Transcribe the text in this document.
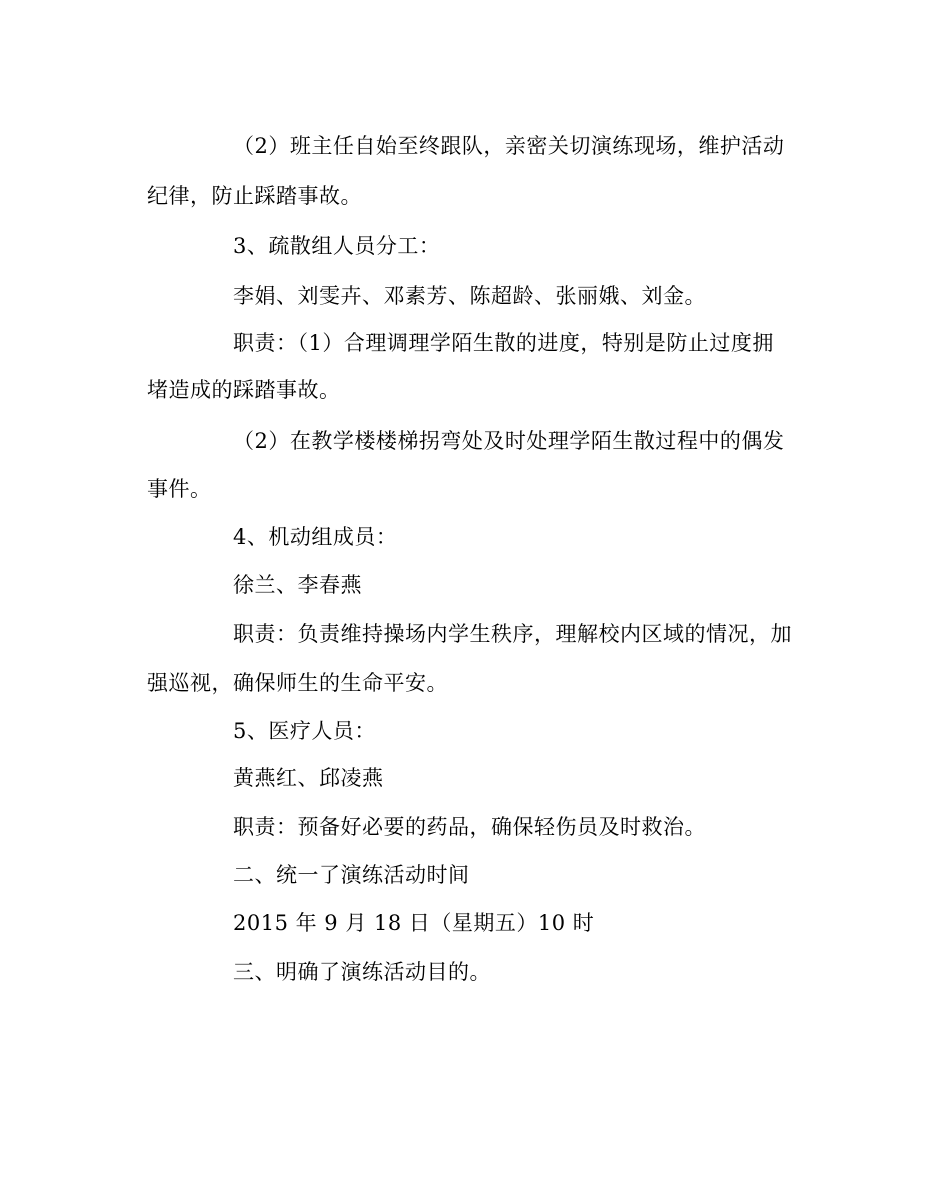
（2）班主任自始至终跟队，亲密关切演练现场，维护活动
纪律，防止踩踏事故。
3、疏散组人员分工：
李娟、刘雯卉、邓素芳、陈超龄、张丽娥、刘金。
职责：（1）合理调理学陌生散的进度，特别是防止过度拥
堵造成的踩踏事故。
（2）在教学楼楼梯拐弯处及时处理学陌生散过程中的偶发
事件。
4、机动组成员：
徐兰、李春燕
职责：负责维持操场内学生秩序，理解校内区域的情况，加
强巡视，确保师生的生命平安。
5、医疗人员：
黄燕红、邱凌燕
职责：预备好必要的药品，确保轻伤员及时救治。
二、统一了演练活动时间
2015 年 9 月 18 日（星期五）10 时
三、明确了演练活动目的。
